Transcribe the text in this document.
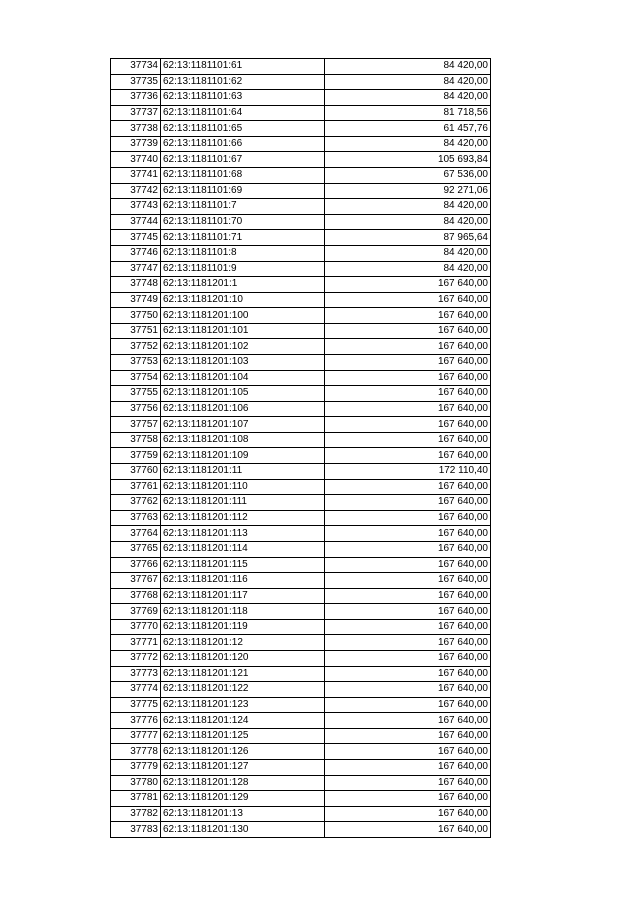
37734	62:13:1181101:61	84 420,00
37735	62:13:1181101:62	84 420,00
37736	62:13:1181101:63	84 420,00
37737	62:13:1181101:64	81 718,56
37738	62:13:1181101:65	61 457,76
37739	62:13:1181101:66	84 420,00
37740	62:13:1181101:67	105 693,84
37741	62:13:1181101:68	67 536,00
37742	62:13:1181101:69	92 271,06
37743	62:13:1181101:7	84 420,00
37744	62:13:1181101:70	84 420,00
37745	62:13:1181101:71	87 965,64
37746	62:13:1181101:8	84 420,00
37747	62:13:1181101:9	84 420,00
37748	62:13:1181201:1	167 640,00
37749	62:13:1181201:10	167 640,00
37750	62:13:1181201:100	167 640,00
37751	62:13:1181201:101	167 640,00
37752	62:13:1181201:102	167 640,00
37753	62:13:1181201:103	167 640,00
37754	62:13:1181201:104	167 640,00
37755	62:13:1181201:105	167 640,00
37756	62:13:1181201:106	167 640,00
37757	62:13:1181201:107	167 640,00
37758	62:13:1181201:108	167 640,00
37759	62:13:1181201:109	167 640,00
37760	62:13:1181201:11	172 110,40
37761	62:13:1181201:110	167 640,00
37762	62:13:1181201:111	167 640,00
37763	62:13:1181201:112	167 640,00
37764	62:13:1181201:113	167 640,00
37765	62:13:1181201:114	167 640,00
37766	62:13:1181201:115	167 640,00
37767	62:13:1181201:116	167 640,00
37768	62:13:1181201:117	167 640,00
37769	62:13:1181201:118	167 640,00
37770	62:13:1181201:119	167 640,00
37771	62:13:1181201:12	167 640,00
37772	62:13:1181201:120	167 640,00
37773	62:13:1181201:121	167 640,00
37774	62:13:1181201:122	167 640,00
37775	62:13:1181201:123	167 640,00
37776	62:13:1181201:124	167 640,00
37777	62:13:1181201:125	167 640,00
37778	62:13:1181201:126	167 640,00
37779	62:13:1181201:127	167 640,00
37780	62:13:1181201:128	167 640,00
37781	62:13:1181201:129	167 640,00
37782	62:13:1181201:13	167 640,00
37783	62:13:1181201:130	167 640,00
